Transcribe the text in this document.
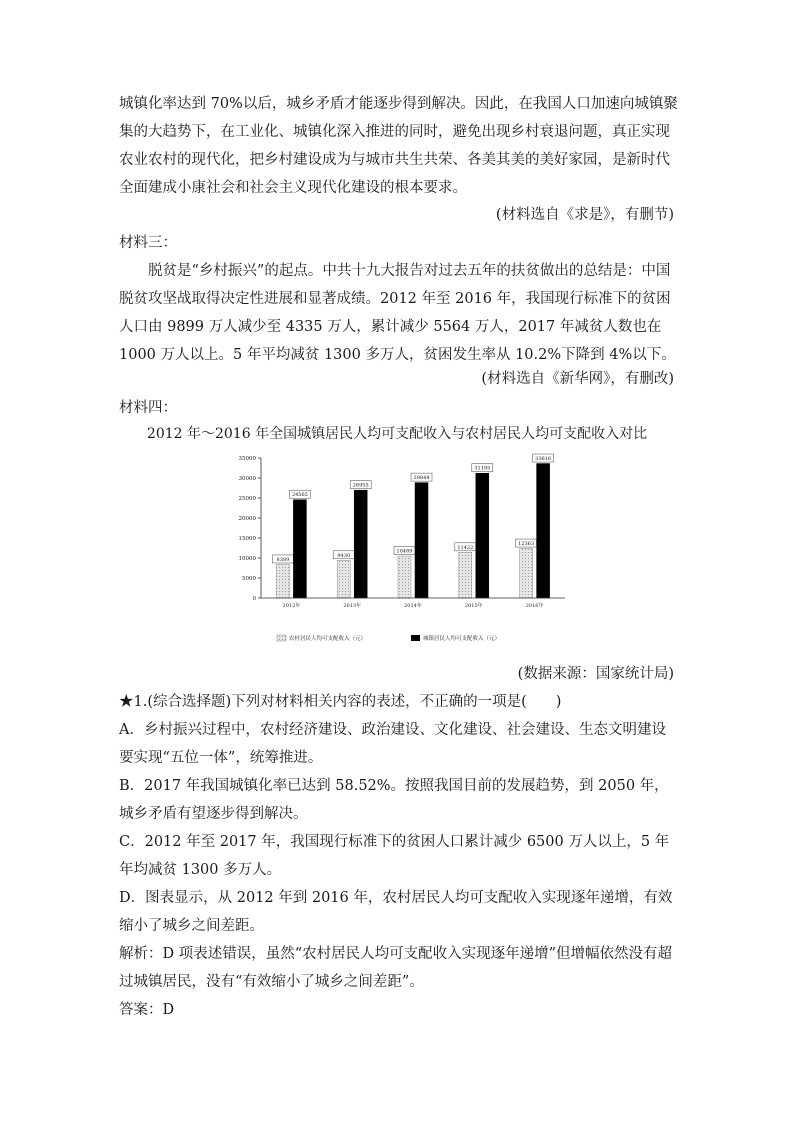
城镇化率达到 70%以后，城乡矛盾才能逐步得到解决。因此，在我国人口加速向城镇聚集的大趋势下，在工业化、城镇化深入推进的同时，避免出现乡村衰退问题，真正实现农业农村的现代化，把乡村建设成为与城市共生共荣、各美其美的美好家园，是新时代全面建成小康社会和社会主义现代化建设的根本要求。

(材料选自《求是》，有删节)
材料三：

脱贫是“乡村振兴”的起点。中共十九大报告对过去五年的扶贫做出的总结是：中国脱贫攻坚战取得决定性进展和显著成绩。2012 年至 2016 年，我国现行标准下的贫困人口由 9899 万人减少至 4335 万人，累计减少 5564 万人，2017 年减贫人数也在 1000 万人以上。5 年平均减贫 1300 多万人，贫困发生率从 10.2%下降到 4%以下。

(材料选自《新华网》，有删改)
材料四：
2012 年～2016 年全国城镇居民人均可支配收入与农村居民人均可支配收入对比
0
5000
10000
15000
20000
25000
30000
35000
8389
24565
9430
26955
10489
28844
11422
31195
12363
33616
2012年	2013年	2014年	2015年	2016年
农村居民人均可支配收入（元）	城镇居民人均可支配收入（元）
(数据来源：国家统计局)

★1.(综合选择题)下列对材料相关内容的表述，不正确的一项是(　　)

A．乡村振兴过程中，农村经济建设、政治建设、文化建设、社会建设、生态文明建设要实现“五位一体”，统筹推进。

B．2017 年我国城镇化率已达到 58.52%。按照我国目前的发展趋势，到 2050 年，城乡矛盾有望逐步得到解决。

C．2012 年至 2017 年，我国现行标准下的贫困人口累计减少 6500 万人以上，5 年年均减贫 1300 多万人。

D．图表显示，从 2012 年到 2016 年，农村居民人均可支配收入实现逐年递增，有效缩小了城乡之间差距。

解析：D 项表述错误，虽然“农村居民人均可支配收入实现逐年递增”但增幅依然没有超过城镇居民，没有“有效缩小了城乡之间差距”。

答案：D
